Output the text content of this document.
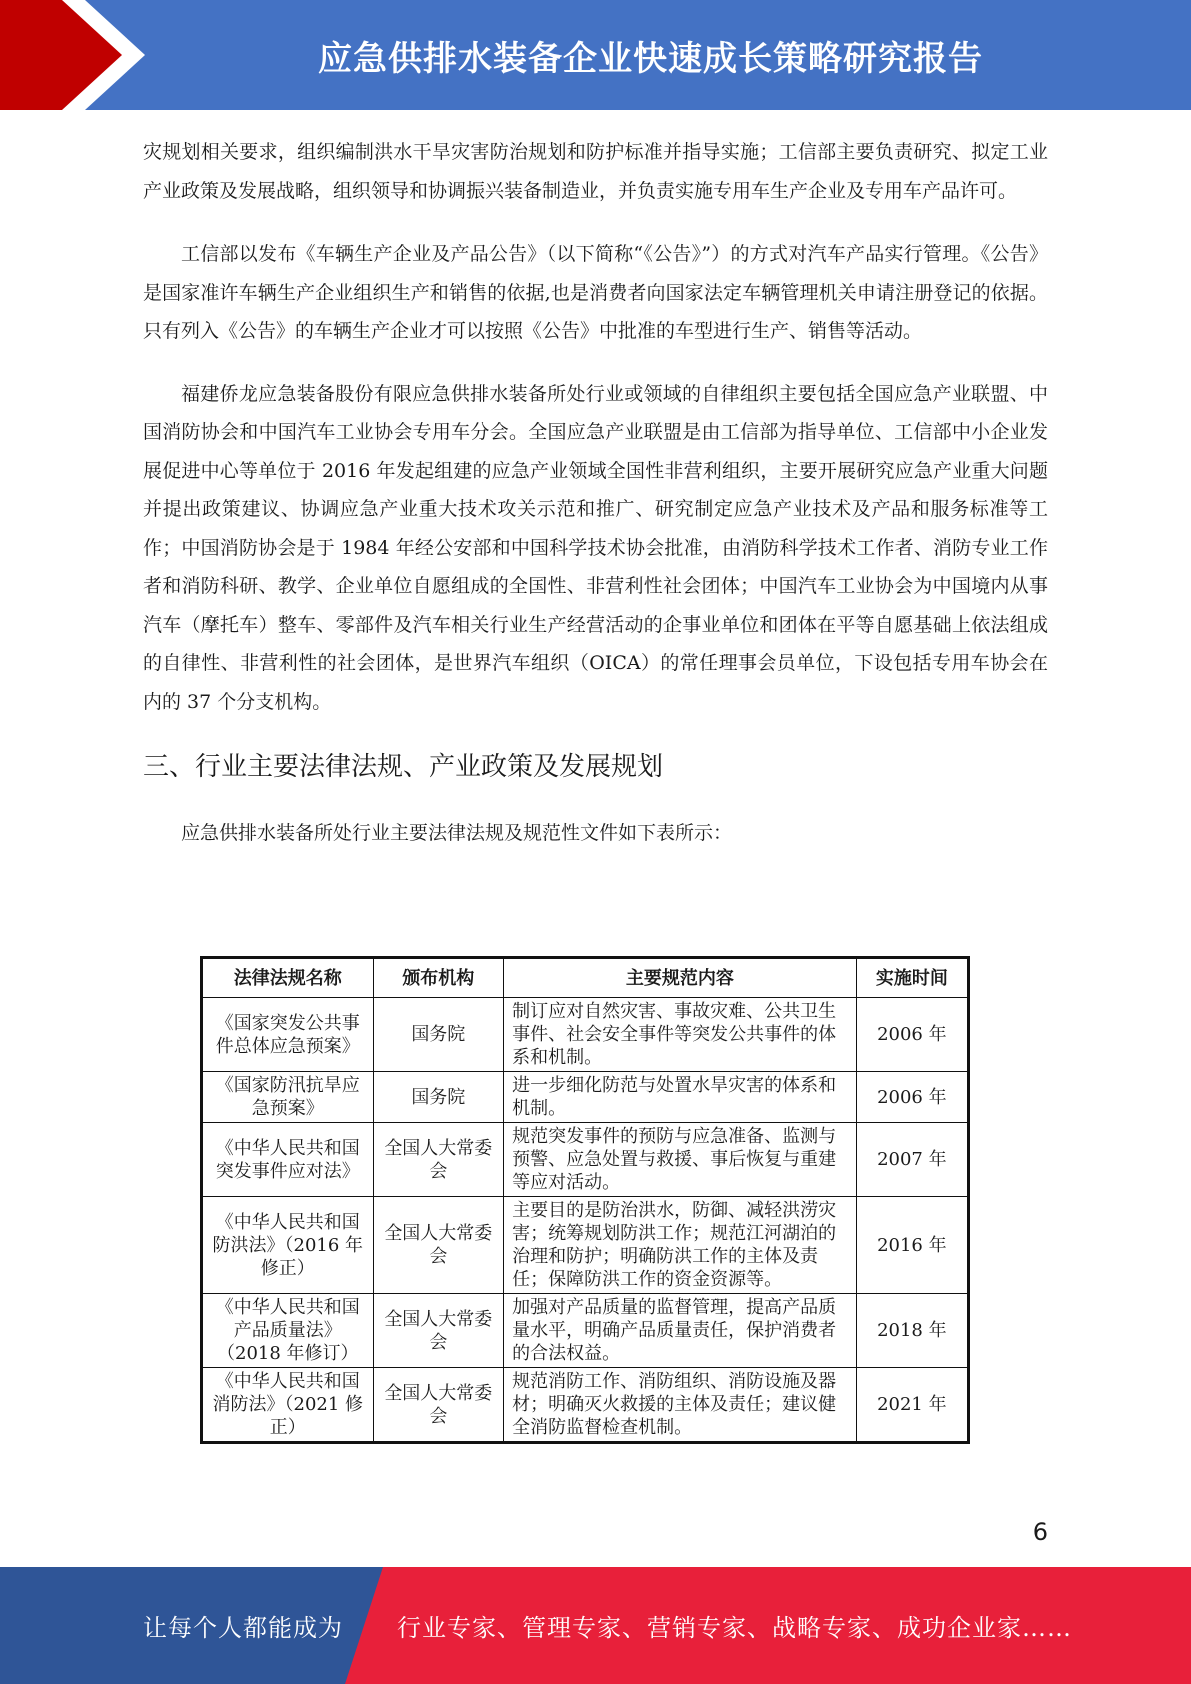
应急供排水装备企业快速成长策略研究报告

灾规划相关要求，组织编制洪水干旱灾害防治规划和防护标准并指导实施；工信部主要负责研究、拟定工业产业政策及发展战略，组织领导和协调振兴装备制造业，并负责实施专用车生产企业及专用车产品许可。

工信部以发布《车辆生产企业及产品公告》（以下简称“《公告》”）的方式对汽车产品实行管理。《公告》是国家准许车辆生产企业组织生产和销售的依据,也是消费者向国家法定车辆管理机关申请注册登记的依据。只有列入《公告》的车辆生产企业才可以按照《公告》中批准的车型进行生产、销售等活动。

福建侨龙应急装备股份有限应急供排水装备所处行业或领域的自律组织主要包括全国应急产业联盟、中国消防协会和中国汽车工业协会专用车分会。全国应急产业联盟是由工信部为指导单位、工信部中小企业发展促进中心等单位于 2016 年发起组建的应急产业领域全国性非营利组织，主要开展研究应急产业重大问题并提出政策建议、协调应急产业重大技术攻关示范和推广、研究制定应急产业技术及产品和服务标准等工作；中国消防协会是于 1984 年经公安部和中国科学技术协会批准，由消防科学技术工作者、消防专业工作者和消防科研、教学、企业单位自愿组成的全国性、非营利性社会团体；中国汽车工业协会为中国境内从事汽车（摩托车）整车、零部件及汽车相关行业生产经营活动的企事业单位和团体在平等自愿基础上依法组成的自律性、非营利性的社会团体，是世界汽车组织（OICA）的常任理事会员单位，下设包括专用车协会在内的 37 个分支机构。

三、行业主要法律法规、产业政策及发展规划

应急供排水装备所处行业主要法律法规及规范性文件如下表所示：

法律法规名称	颁布机构	主要规范内容	实施时间
《国家突发公共事件总体应急预案》	国务院	制订应对自然灾害、事故灾难、公共卫生事件、社会安全事件等突发公共事件的体系和机制。	2006 年
《国家防汛抗旱应急预案》	国务院	进一步细化防范与处置水旱灾害的体系和机制。	2006 年
《中华人民共和国突发事件应对法》	全国人大常委会	规范突发事件的预防与应急准备、监测与预警、应急处置与救援、事后恢复与重建等应对活动。	2007 年
《中华人民共和国防洪法》（2016 年修正）	全国人大常委会	主要目的是防治洪水，防御、减轻洪涝灾害；统筹规划防洪工作；规范江河湖泊的治理和防护；明确防洪工作的主体及责任；保障防洪工作的资金资源等。	2016 年
《中华人民共和国产品质量法》（2018 年修订）	全国人大常委会	加强对产品质量的监督管理，提高产品质量水平，明确产品质量责任，保护消费者的合法权益。	2018 年
《中华人民共和国消防法》（2021 修正）	全国人大常委会	规范消防工作、消防组织、消防设施及器材；明确灭火救援的主体及责任；建议健全消防监督检查机制。	2021 年
6
让每个人都能成为 行业专家、管理专家、营销专家、战略专家、成功企业家……
